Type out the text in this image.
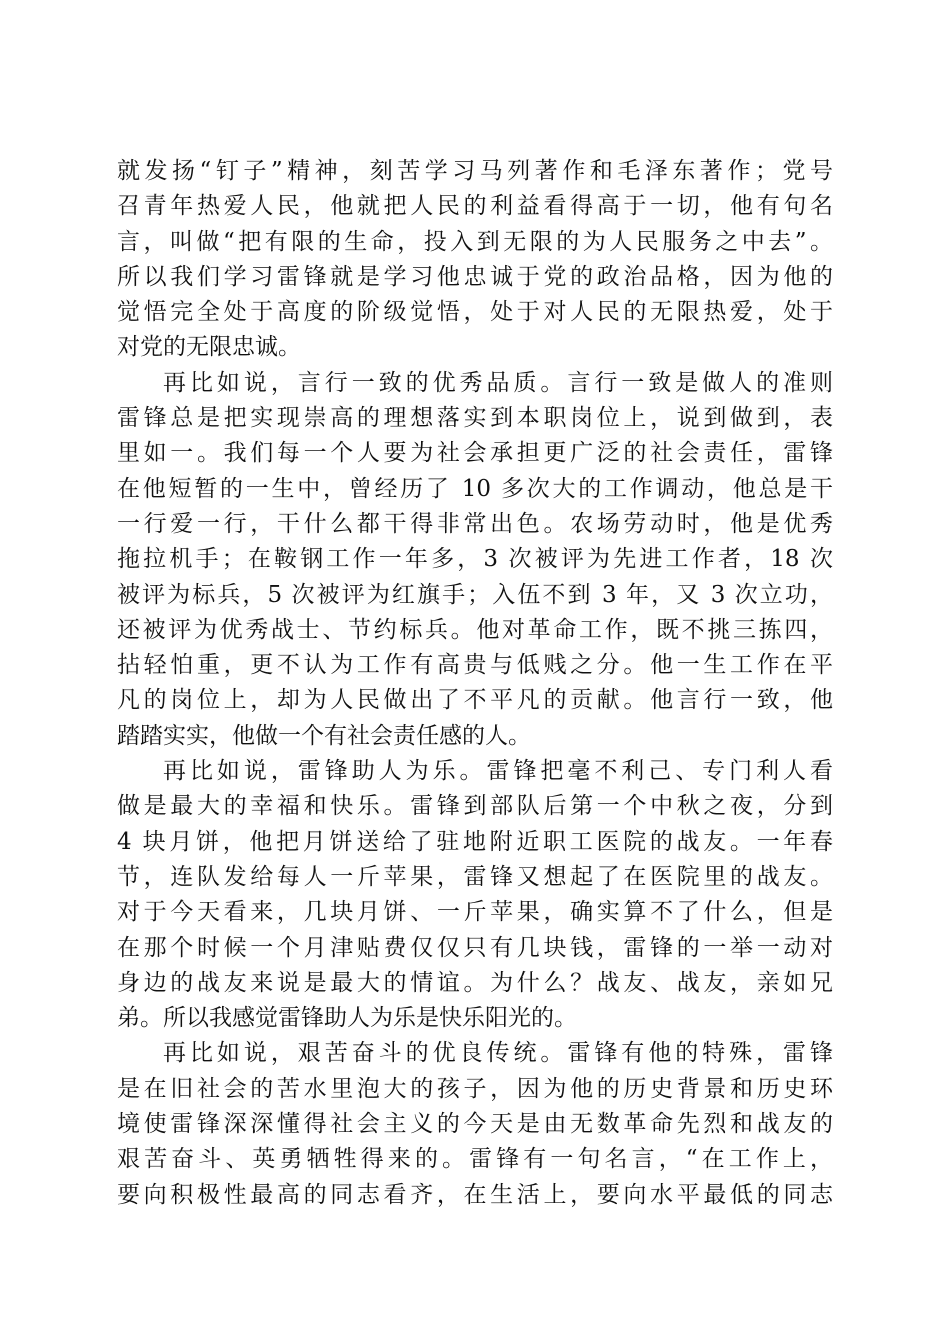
就发扬“钉子”精神，刻苦学习马列著作和毛泽东著作；党号
召青年热爱人民，他就把人民的利益看得高于一切，他有句名
言，叫做“把有限的生命，投入到无限的为人民服务之中去”。
所以我们学习雷锋就是学习他忠诚于党的政治品格，因为他的
觉悟完全处于高度的阶级觉悟，处于对人民的无限热爱，处于
对党的无限忠诚。
再比如说，言行一致的优秀品质。言行一致是做人的准则
雷锋总是把实现崇高的理想落实到本职岗位上，说到做到，表
里如一。我们每一个人要为社会承担更广泛的社会责任，雷锋
在他短暂的一生中，曾经历了 10 多次大的工作调动，他总是干
一行爱一行，干什么都干得非常出色。农场劳动时，他是优秀
拖拉机手；在鞍钢工作一年多，3 次被评为先进工作者，18 次
被评为标兵，5 次被评为红旗手；入伍不到 3 年，又 3 次立功，
还被评为优秀战士、节约标兵。他对革命工作，既不挑三拣四，
拈轻怕重，更不认为工作有高贵与低贱之分。他一生工作在平
凡的岗位上，却为人民做出了不平凡的贡献。他言行一致，他
踏踏实实，他做一个有社会责任感的人。
再比如说，雷锋助人为乐。雷锋把毫不利己、专门利人看
做是最大的幸福和快乐。雷锋到部队后第一个中秋之夜，分到
4 块月饼，他把月饼送给了驻地附近职工医院的战友。一年春
节，连队发给每人一斤苹果，雷锋又想起了在医院里的战友。
对于今天看来，几块月饼、一斤苹果，确实算不了什么，但是
在那个时候一个月津贴费仅仅只有几块钱，雷锋的一举一动对
身边的战友来说是最大的情谊。为什么？战友、战友，亲如兄
弟。所以我感觉雷锋助人为乐是快乐阳光的。
再比如说，艰苦奋斗的优良传统。雷锋有他的特殊，雷锋
是在旧社会的苦水里泡大的孩子，因为他的历史背景和历史环
境使雷锋深深懂得社会主义的今天是由无数革命先烈和战友的
艰苦奋斗、英勇牺牲得来的。雷锋有一句名言，“在工作上，
要向积极性最高的同志看齐，在生活上，要向水平最低的同志
